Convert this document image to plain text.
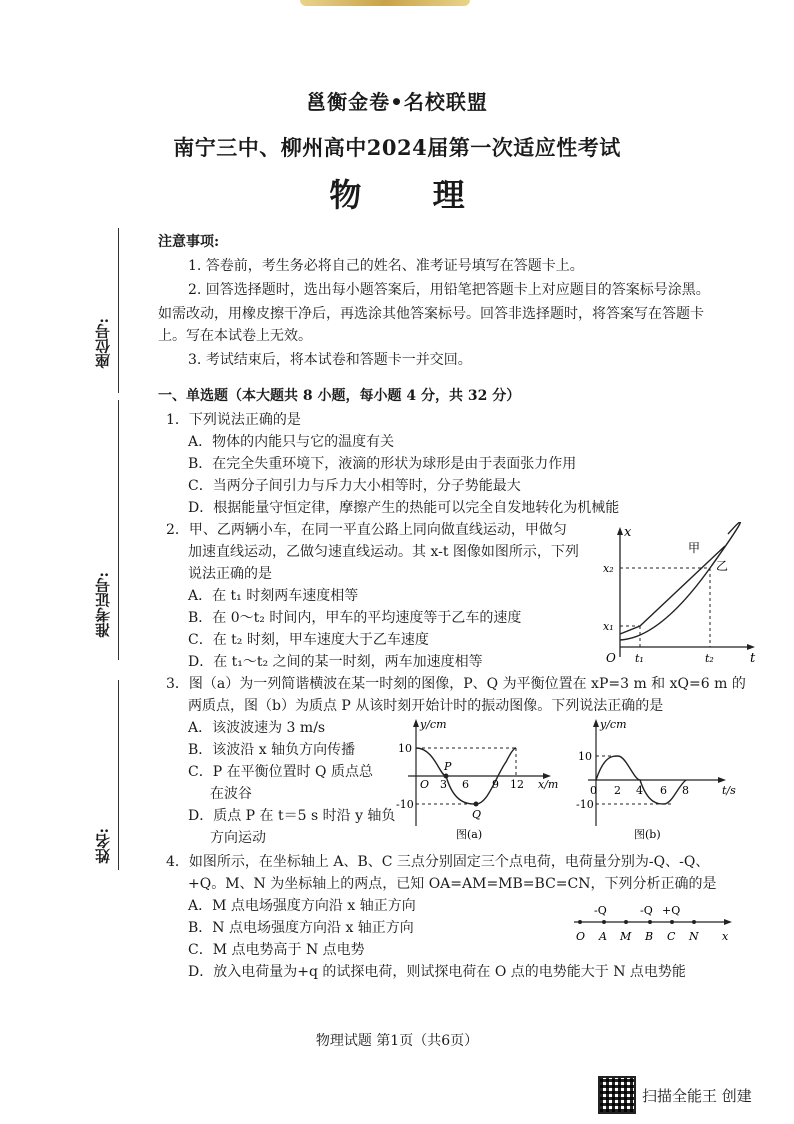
邕衡金卷•名校联盟
南宁三中、柳州高中2024届第一次适应性考试
物 理
座位号:
准考证号:
姓名:
注意事项:
1. 答卷前，考生务必将自己的姓名、准考证号填写在答题卡上。
2. 回答选择题时，选出每小题答案后，用铅笔把答题卡上对应题目的答案标号涂黑。
如需改动，用橡皮擦干净后，再选涂其他答案标号。回答非选择题时，将答案写在答题卡
上。写在本试卷上无效。
3. 考试结束后，将本试卷和答题卡一并交回。
一、单选题（本大题共 8 小题，每小题 4 分，共 32 分）
1．下列说法正确的是
A．物体的内能只与它的温度有关
B．在完全失重环境下，液滴的形状为球形是由于表面张力作用
C．当两分子间引力与斥力大小相等时，分子势能最大
D．根据能量守恒定律，摩擦产生的热能可以完全自发地转化为机械能
2．甲、乙两辆小车，在同一平直公路上同向做直线运动，甲做匀
加速直线运动，乙做匀速直线运动。其 x-t 图像如图所示，下列
说法正确的是
A．在 t₁ 时刻两车速度相等
B．在 0～t₂ 时间内，甲车的平均速度等于乙车的速度
C．在 t₂ 时刻，甲车速度大于乙车速度
D．在 t₁～t₂ 之间的某一时刻，两车加速度相等
x
t
O t₁	t₂
x₁
x₂
甲
乙
3．图（a）为一列简谐横波在某一时刻的图像，P、Q 为平衡位置在 xP=3 m 和 xQ=6 m 的
两质点，图（b）为质点 P 从该时刻开始计时的振动图像。下列说法正确的是
A．该波波速为 3 m/s
B．该波沿 x 轴负方向传播
C．P 在平衡位置时 Q 质点总
在波谷
D．质点 P 在 t＝5 s 时沿 y 轴负
方向运动
y/cm
x/m
10
-10
O 3 6 9 12
P
Q
图(a)
y/cm
t/s
10
-10
0 2 4 6 8
图(b)
4．如图所示，在坐标轴上 A、B、C 三点分别固定三个点电荷，电荷量分别为-Q、-Q、
+Q。M、N 为坐标轴上的两点，已知 OA=AM=MB=BC=CN，下列分析正确的是
A．M 点电场强度方向沿 x 轴正方向
B．N 点电场强度方向沿 x 轴正方向
C．M 点电势高于 N 点电势
D．放入电荷量为+q 的试探电荷，则试探电荷在 O 点的电势能大于 N 点电势能
-Q	-Q +Q
O A M B C N x
物理试题 第1页（共6页）
扫描全能王 创建
